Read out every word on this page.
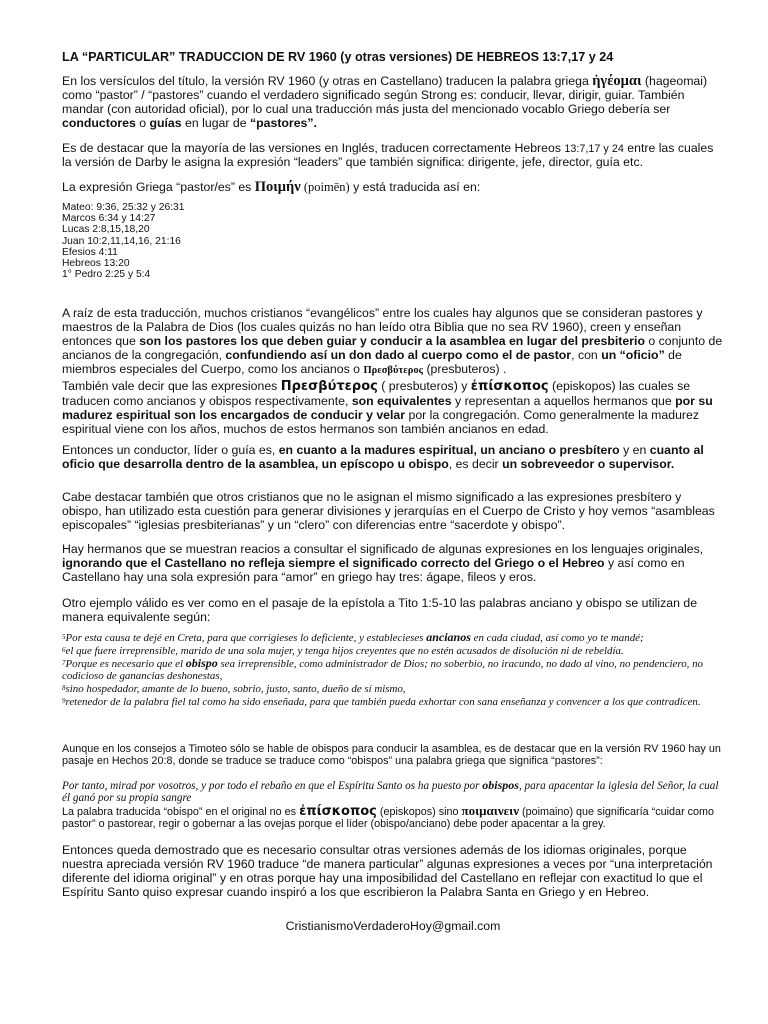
LA “PARTICULAR” TRADUCCION DE RV 1960 (y otras versiones) DE HEBREOS 13:7,17 y 24

En los versículos del título, la versión RV 1960 (y otras en Castellano) traducen la palabra griega ἡγέομαι (hageomai) como “pastor” / “pastores” cuando el verdadero significado según Strong es: conducir, llevar, dirigir, guiar. También mandar (con autoridad oficial), por lo cual una traducción más justa del mencionado vocablo Griego debería ser conductores o guías en lugar de “pastores”.

Es de destacar que la mayoría de las versiones en Inglés, traducen correctamente Hebreos 13:7,17 y 24 entre las cuales la versión de Darby le asigna la expresión “leaders” que también significa: dirigente, jefe, director, guía etc.

La expresión Griega “pastor/es” es Ποιμήν (poimēn) y está traducida así en:

Mateo: 9:36, 25:32 y 26:31
Marcos 6:34 y 14:27
Lucas 2:8,15,18,20
Juan 10:2,11,14,16, 21:16
Efesios 4:11
Hebreos 13:20
1° Pedro 2:25 y 5:4

A raíz de esta traducción, muchos cristianos “evangélicos” entre los cuales hay algunos que se consideran pastores y maestros de la Palabra de Dios (los cuales quizás no han leído otra Biblia que no sea RV 1960), creen y enseñan entonces que son los pastores los que deben guiar y conducir a la asamblea en lugar del presbiterio o conjunto de ancianos de la congregación, confundiendo así un don dado al cuerpo como el de pastor, con un “oficio” de miembros especiales del Cuerpo, como los ancianos o Πρεσβύτερος (presbuteros) .

También vale decir que las expresiones Πρεσβύτερος ( presbuteros) y ἐπίσκοπος (episkopos) las cuales se traducen como ancianos y obispos respectivamente, son equivalentes y representan a aquellos hermanos que por su madurez espiritual son los encargados de conducir y velar por la congregación. Como generalmente la madurez espiritual viene con los años, muchos de estos hermanos son también ancianos en edad.

Entonces un conductor, líder o guía es, en cuanto a la madures espiritual, un anciano o presbítero y en cuanto al oficio que desarrolla dentro de la asamblea, un epíscopo u obispo, es decir un sobreveedor o supervisor.

Cabe destacar también que otros cristianos que no le asignan el mismo significado a las expresiones presbítero y obispo, han utilizado esta cuestión para generar divisiones y jerarquías en el Cuerpo de Cristo y hoy vemos “asambleas episcopales” “iglesias presbiterianas” y un “clero” con diferencias entre “sacerdote y obispo”.

Hay hermanos que se muestran reacios a consultar el significado de algunas expresiones en los lenguajes originales, ignorando que el Castellano no refleja siempre el significado correcto del Griego o el Hebreo y así como en Castellano hay una sola expresión para “amor” en griego hay tres: ágape, fileos y eros.

Otro ejemplo válido es ver como en el pasaje de la epístola a Tito 1:5-10 las palabras anciano y obispo se utilizan de manera equivalente según:

$^5$Por esta causa te dejé en Creta, para que corrigieses lo deficiente, y establecieses ancianos en cada ciudad, así como yo te mandé;
$^6$el que fuere irreprensible, marido de una sola mujer, y tenga hijos creyentes que no estén acusados de disolución ni de rebeldía.
$^7$Porque es necesario que el obispo sea irreprensible, como administrador de Dios; no soberbio, no iracundo, no dado al vino, no pendenciero, no codicioso de ganancias deshonestas,
$^8$sino hospedador, amante de lo bueno, sobrio, justo, santo, dueño de sí mismo,
$^9$retenedor de la palabra fiel tal como ha sido enseñada, para que también pueda exhortar con sana enseñanza y convencer a los que contradicen.

Aunque en los consejos a Timoteo sólo se hable de obispos para conducir la asamblea, es de destacar que en la versión RV 1960 hay un pasaje en Hechos 20:8, donde se traduce se traduce como “obispos” una palabra griega que significa “pastores”:

Por tanto, mirad por vosotros, y por todo el rebaño en que el Espíritu Santo os ha puesto por obispos, para apacentar la iglesia del Señor, la cual él ganó por su propia sangre

La palabra traducida “obispo” en el original no es ἐπίσκοπος (episkopos) sino ποιμαινειν (poimaino) que significaría “cuidar como pastor” o pastorear, regir o gobernar a las ovejas porque el líder (obispo/anciano) debe poder apacentar a la grey.

Entonces queda demostrado que es necesario consultar otras versiones además de los idiomas originales, porque nuestra apreciada versión RV 1960 traduce “de manera particular” algunas expresiones a veces por “una interpretación diferente del idioma original” y en otras porque hay una imposibilidad del Castellano en reflejar con exactitud lo que el Espíritu Santo quiso expresar cuando inspiró a los que escribieron la Palabra Santa en Griego y en Hebreo.

CristianismoVerdaderoHoy@gmail.com
